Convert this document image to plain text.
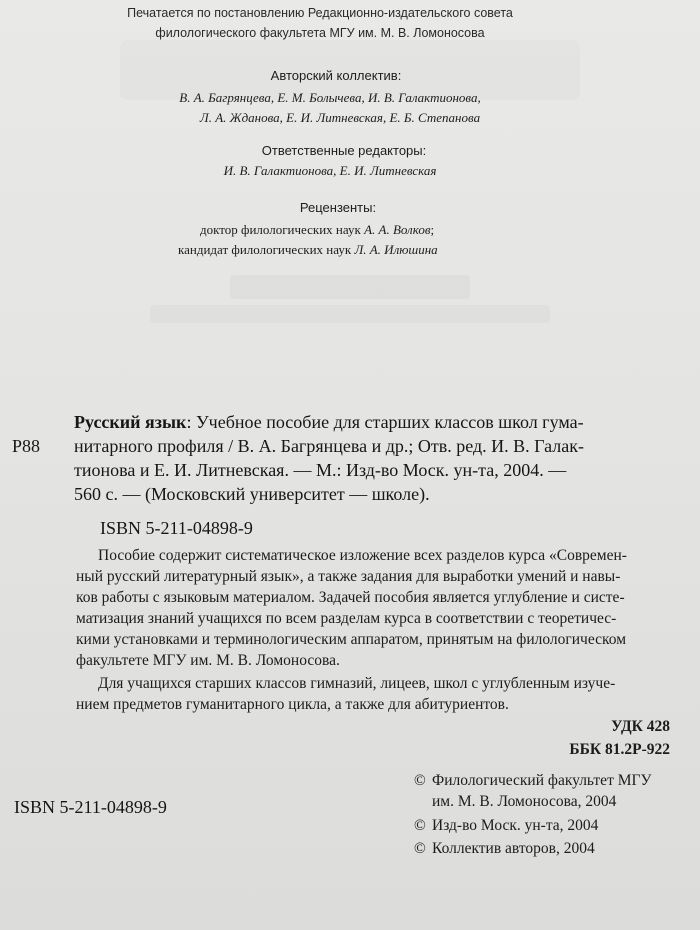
Печатается по постановлению Редакционно-издательского совета
филологического факультета МГУ им. М. В. Ломоносова
Авторский коллектив:
В. А. Багрянцева, Е. М. Болычева, И. В. Галактионова,
Л. А. Жданова, Е. И. Литневская, Е. Б. Степанова
Ответственные редакторы:
И. В. Галактионова, Е. И. Литневская
Рецензенты:
доктор филологических наук А. А. Волков;
кандидат филологических наук Л. А. Илюшина
Русский язык: Учебное пособие для старших классов школ гума-
Р88 нитарного профиля / В. А. Багрянцева и др.; Отв. ред. И. В. Галак-
тионова и Е. И. Литневская. — М.: Изд-во Моск. ун-та, 2004. —
560 с. — (Московский университет — школе).
ISBN 5-211-04898-9
Пособие содержит систематическое изложение всех разделов курса «Современ-
ный русский литературный язык», а также задания для выработки умений и навы-
ков работы с языковым материалом. Задачей пособия является углубление и систе-
матизация знаний учащихся по всем разделам курса в соответствии с теоретичес-
кими установками и терминологическим аппаратом, принятым на филологическом
факультете МГУ им. М. В. Ломоносова.
Для учащихся старших классов гимназий, лицеев, школ с углубленным изуче-
нием предметов гуманитарного цикла, а также для абитуриентов.
УДК 428
ББК 81.2Р-922
ISBN 5-211-04898-9
© Филологический факультет МГУ
им. М. В. Ломоносова, 2004
© Изд-во Моск. ун-та, 2004
© Коллектив авторов, 2004
